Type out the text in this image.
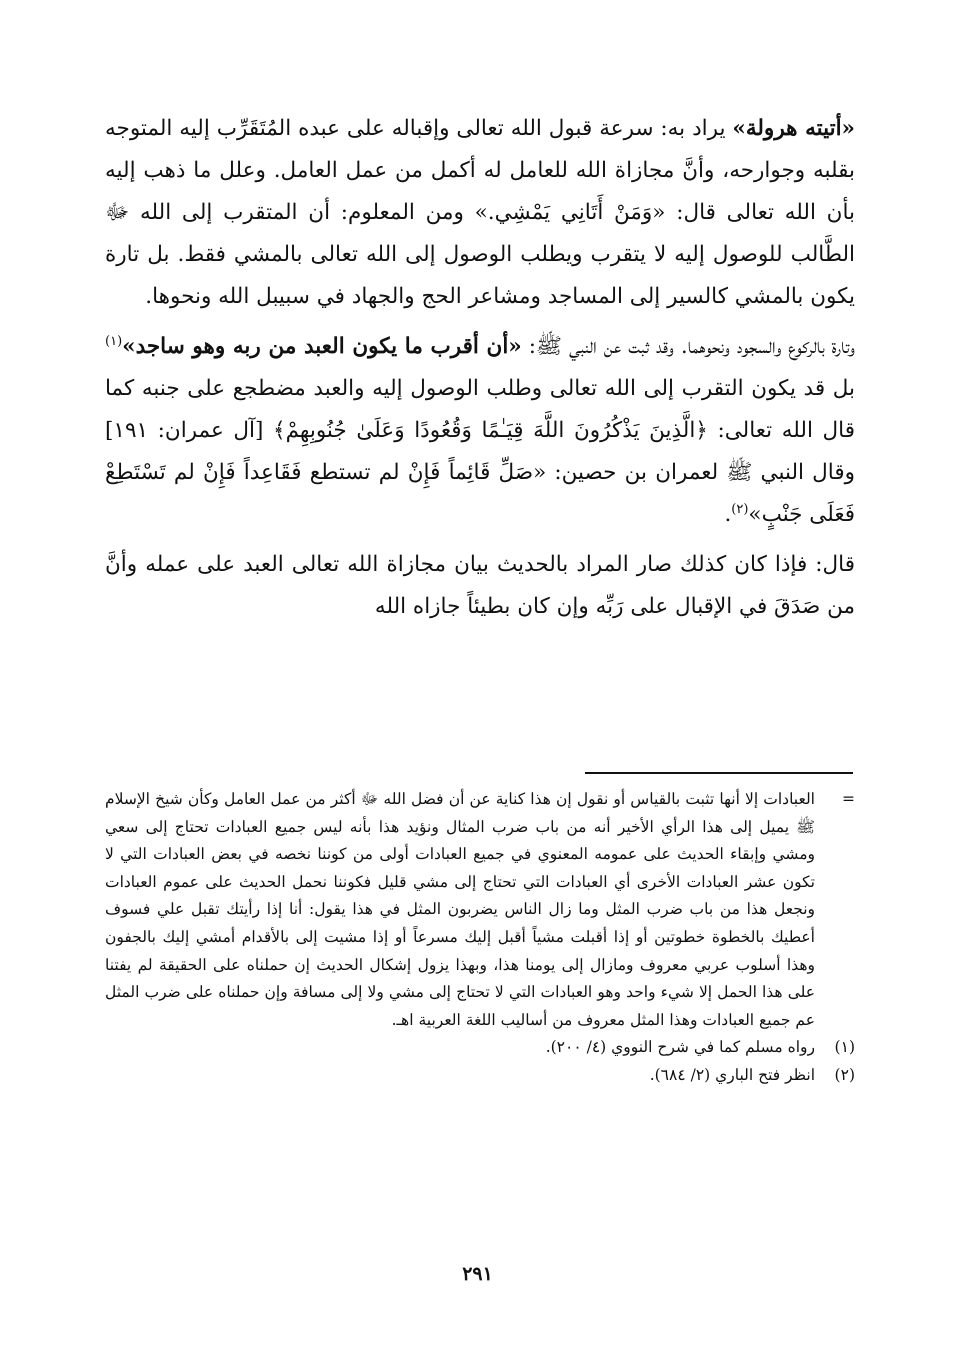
«أتيته هرولة» يراد به: سرعة قبول الله تعالى وإقباله على عبده المُتَقَرِّب إليه المتوجه بقلبه وجوارحه، وأنَّ مجازاة الله للعامل له أكمل من عمل العامل. وعلل ما ذهب إليه بأن الله تعالى قال: «وَمَنْ أَتَانِي يَمْشِي.» ومن المعلوم: أن المتقرب إلى الله ﷻ الطَّالب للوصول إليه لا يتقرب ويطلب الوصول إلى الله تعالى بالمشي فقط. بل تارة يكون بالمشي كالسير إلى المساجد ومشاعر الحج والجهاد في سبيبل الله ونحوها.

وتارة بالركوع والسجود ونحوهما. وقد ثبت عن النبي ﷺ: «أن أقرب ما يكون العبد من ربه وهو ساجد»$^{(١)}$ بل قد يكون التقرب إلى الله تعالى وطلب الوصول إليه والعبد مضطجع على جنبه كما قال الله تعالى: ﴿الَّذِينَ يَذْكُرُونَ اللَّهَ قِيَـٰمًا وَقُعُودًا وَعَلَىٰ جُنُوبِهِمْ﴾ [آل عمران: ١٩١] وقال النبي ﷺ لعمران بن حصين: «صَلِّ قَائِماً فَإِنْ لم تستطع فَقَاعِداً فَإِنْ لم تَسْتَطِعْ فَعَلَى جَنْبٍ»$^{(٢)}$.

قال: فإذا كان كذلك صار المراد بالحديث بيان مجازاة الله تعالى العبد على عمله وأنَّ من صَدَقَ في الإقبال على رَبِّه وإن كان بطيئاً جازاه الله

=
العبادات إلا أنها تثبت بالقياس أو نقول إن هذا كناية عن أن فضل الله ﷻ أكثر من عمل العامل وكأن شيخ الإسلام ﷺ يميل إلى هذا الرأي الأخير أنه من باب ضرب المثال ونؤيد هذا بأنه ليس جميع العبادات تحتاج إلى سعي ومشي وإبقاء الحديث على عمومه المعنوي في جميع العبادات أولى من كوننا نخصه في بعض العبادات التي لا تكون عشر العبادات الأخرى أي العبادات التي تحتاج إلى مشي قليل فكوننا نحمل الحديث على عموم العبادات ونجعل هذا من باب ضرب المثل وما زال الناس يضربون المثل في هذا يقول: أنا إذا رأيتك تقبل علي فسوف أعطيك بالخطوة خطوتين أو إذا أقبلت مشياً أقبل إليك مسرعاً أو إذا مشيت إلى بالأقدام أمشي إليك بالجفون وهذا أسلوب عربي معروف ومازال إلى يومنا هذا، وبهذا يزول إشكال الحديث إن حملناه على الحقيقة لم يفتنا على هذا الحمل إلا شيء واحد وهو العبادات التي لا تحتاج إلى مشي ولا إلى مسافة وإن حملناه على ضرب المثل عم جميع العبادات وهذا المثل معروف من أساليب اللغة العربية اهـ.
(١)
رواه مسلم كما في شرح النووي (٤/ ٢٠٠).
(٢)
انظر فتح الباري (٢/ ٦٨٤).
٢٩١
